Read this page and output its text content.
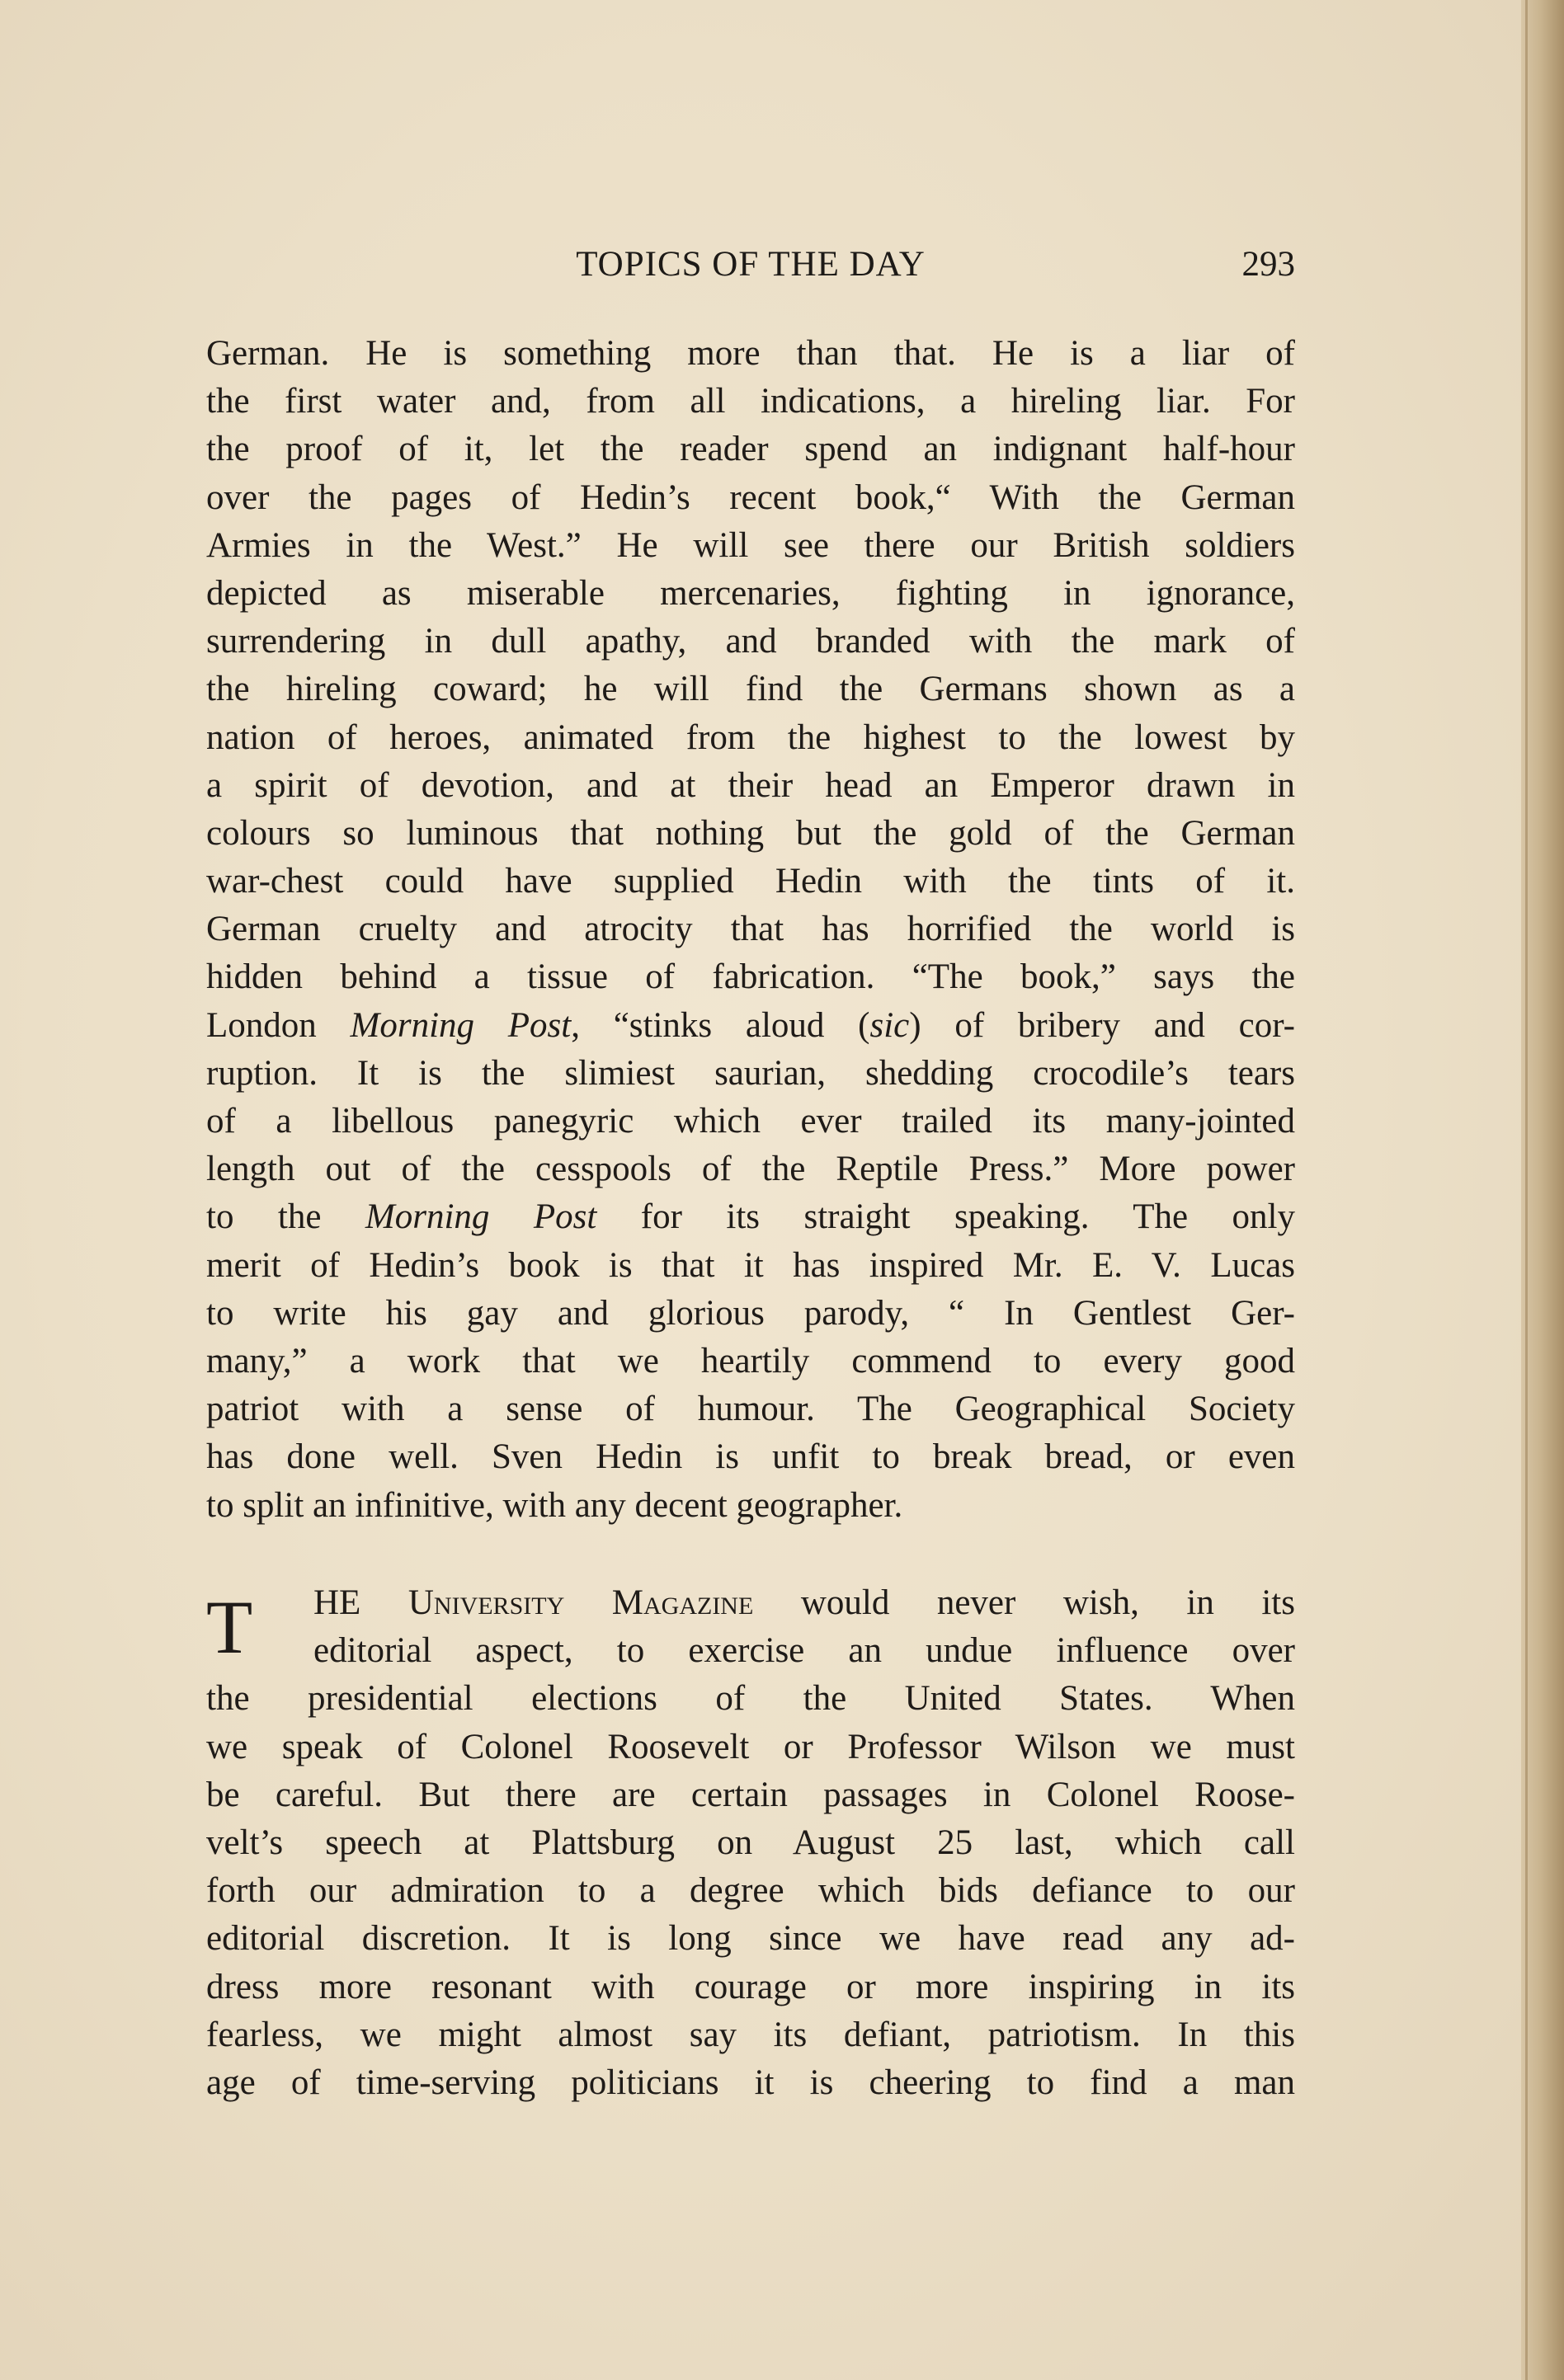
TOPICS OF THE DAY	293
German. He is something more than that. He is a liar of
the first water and, from all indications, a hireling liar. For
the proof of it, let the reader spend an indignant half-hour
over the pages of Hedin’s recent book,“ With the German
Armies in the West.” He will see there our British soldiers
depicted as miserable mercenaries, fighting in ignorance,
surrendering in dull apathy, and branded with the mark of
the hireling coward; he will find the Germans shown as a
nation of heroes, animated from the highest to the lowest by
a spirit of devotion, and at their head an Emperor drawn in
colours so luminous that nothing but the gold of the German
war-chest could have supplied Hedin with the tints of it.
German cruelty and atrocity that has horrified the world is
hidden behind a tissue of fabrication. “The book,” says the
London Morning Post, “stinks aloud (sic) of bribery and cor-
ruption. It is the slimiest saurian, shedding crocodile’s tears
of a libellous panegyric which ever trailed its many-jointed
length out of the cesspools of the Reptile Press.” More power
to the Morning Post for its straight speaking. The only
merit of Hedin’s book is that it has inspired Mr. E. V. Lucas
to write his gay and glorious parody, “ In Gentlest Ger-
many,” a work that we heartily commend to every good
patriot with a sense of humour. The Geographical Society
has done well. Sven Hedin is unfit to break bread, or even
to split an infinitive, with any decent geographer.
T	HE University Magazine would never wish, in its
editorial aspect, to exercise an undue influence over
the presidential elections of the United States. When
we speak of Colonel Roosevelt or Professor Wilson we must
be careful. But there are certain passages in Colonel Roose-
velt’s speech at Plattsburg on August 25 last, which call
forth our admiration to a degree which bids defiance to our
editorial discretion. It is long since we have read any ad-
dress more resonant with courage or more inspiring in its
fearless, we might almost say its defiant, patriotism. In this
age of time-serving politicians it is cheering to find a man
